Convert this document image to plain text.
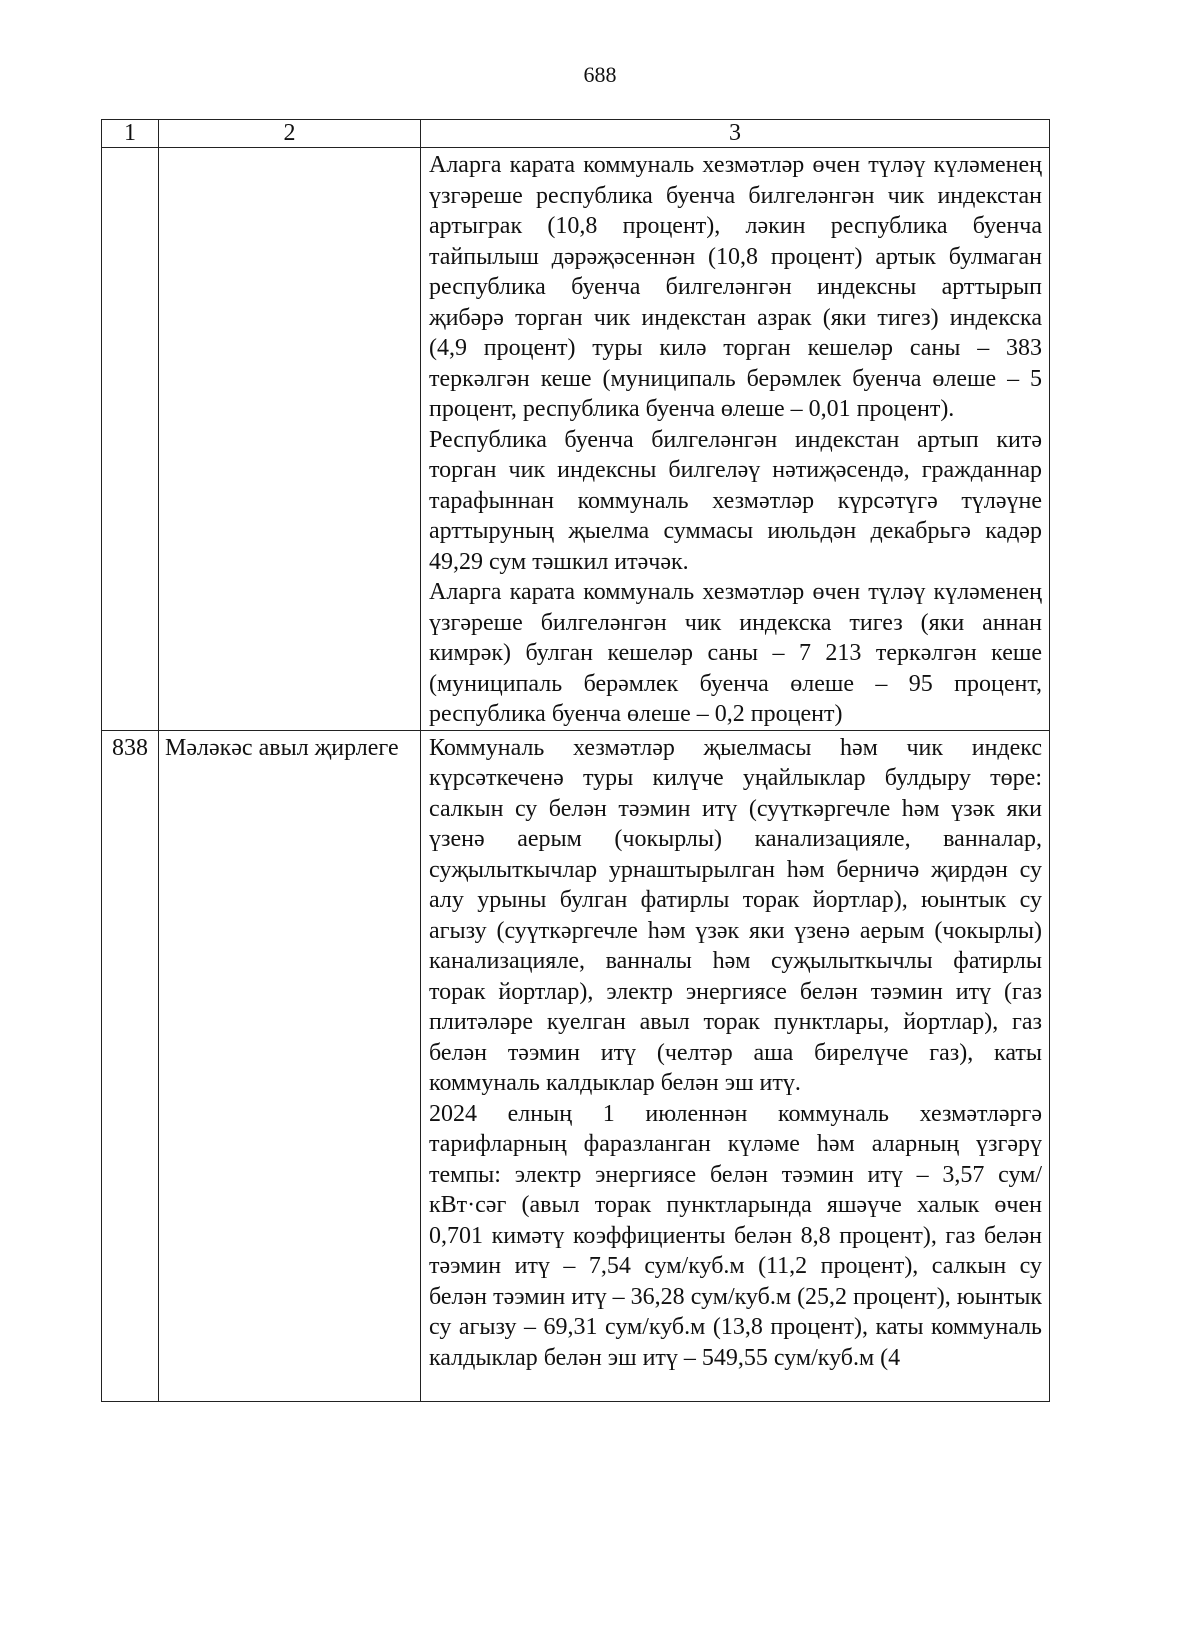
688
1	2	3

		Аларга карата коммуналь хезмәтләр өчен түләү күләменең үзгәреше республика буенча билгеләнгән чик индекстан артыграк (10,8 процент), ләкин республика буенча тайпылыш дәрәҗәсеннән (10,8 процент) артык булмаган республика буенча билгеләнгән индексны арттырып җибәрә торган чик индекстан азрак (яки тигез) индекска (4,9 процент) туры килә торган кешеләр саны – 383 теркәлгән кеше (муниципаль берәмлек буенча өлеше – 5 процент, республика буенча өлеше – 0,01 процент).

Республика буенча билгеләнгән индекстан артып китә торган чик индексны билгеләү нәтиҗәсендә, гражданнар тарафыннан коммуналь хезмәтләр күрсәтүгә түләүне арттыруның җыелма суммасы июльдән декабрьгә кадәр 49,29 сум тәшкил итәчәк.

Аларга карата коммуналь хезмәтләр өчен түләү күләменең үзгәреше билгеләнгән чик индекска тигез (яки аннан кимрәк) булган кешеләр саны – 7 213 теркәлгән кеше (муниципаль берәмлек буенча өлеше – 95 процент, республика буенча өлеше – 0,2 процент)

838	Мәләкәс авыл җирлеге	Коммуналь хезмәтләр җыелмасы һәм чик индекс күрсәткеченә туры килүче уңайлыклар булдыру төре: салкын су белән тәэмин итү (суүткәргечле һәм үзәк яки үзенә аерым (чокырлы) канализацияле, ванналар, суҗылыткычлар урнаштырылган һәм берничә җирдән су алу урыны булган фатирлы торак йортлар), юынтык су агызу (суүткәргечле һәм үзәк яки үзенә аерым (чокырлы) канализацияле, ванналы һәм суҗылыткычлы фатирлы торак йортлар), электр энергиясе белән тәэмин итү (газ плитәләре куелган авыл торак пунктлары, йортлар), газ белән тәэмин итү (челтәр аша бирелүче газ), каты коммуналь калдыклар белән эш итү.

2024 елның 1 июленнән коммуналь хезмәтләргә тарифларның фаразланган күләме һәм аларның үзгәрү темпы: электр энергиясе белән тәэмин итү – 3,57 сум/кВт·сәг (авыл торак пунктларында яшәүче халык өчен 0,701 кимәтү коэффициенты белән 8,8 процент), газ белән тәэмин итү – 7,54 сум/куб.м (11,2 процент), салкын су белән тәэмин итү – 36,28 сум/куб.м (25,2 процент), юынтык су агызу – 69,31 сум/куб.м (13,8 процент), каты коммуналь калдыклар белән эш итү – 549,55 сум/куб.м (4
